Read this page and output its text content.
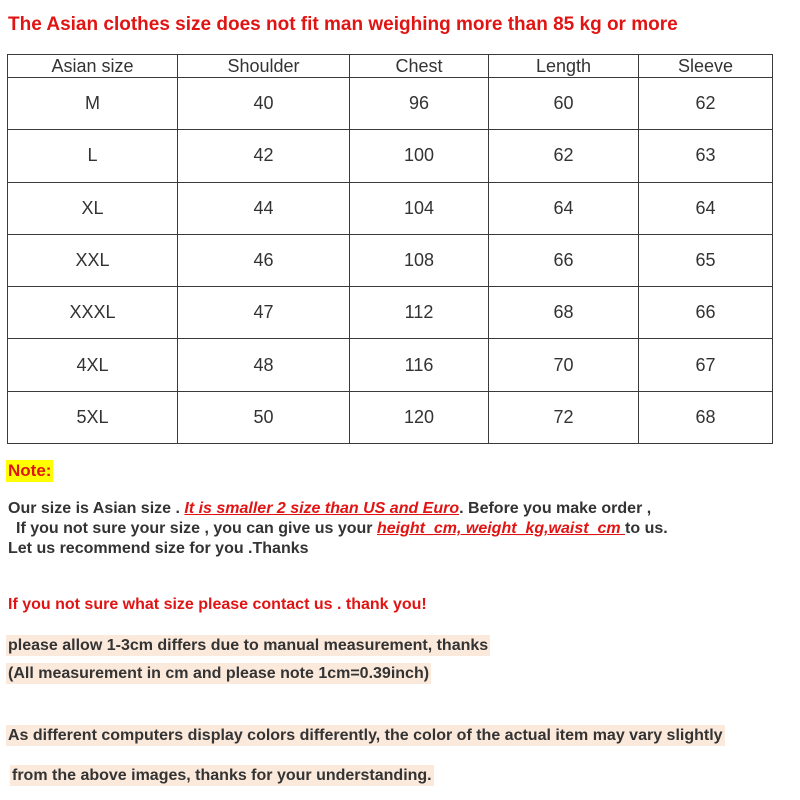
The Asian clothes size does not fit man weighing more than 85 kg or more
Asian size	Shoulder	Chest	Length	Sleeve
M	40	96	60	62
L	42	100	62	63
XL	44	104	64	64
XXL	46	108	66	65
XXXL	47	112	68	66
4XL	48	116	70	67
5XL	50	120	72	68
Note:
Our size is Asian size . It is smaller 2 size than US and Euro. Before you make order ,
If you not sure your size , you can give us your height_cm, weight_kg,waist_cm to us.
Let us recommend size for you .Thanks
If you not sure what size please contact us . thank you!
please allow 1-3cm differs due to manual measurement, thanks
(All measurement in cm and please note 1cm=0.39inch)
As different computers display colors differently, the color of the actual item may vary slightly
from the above images, thanks for your understanding.
